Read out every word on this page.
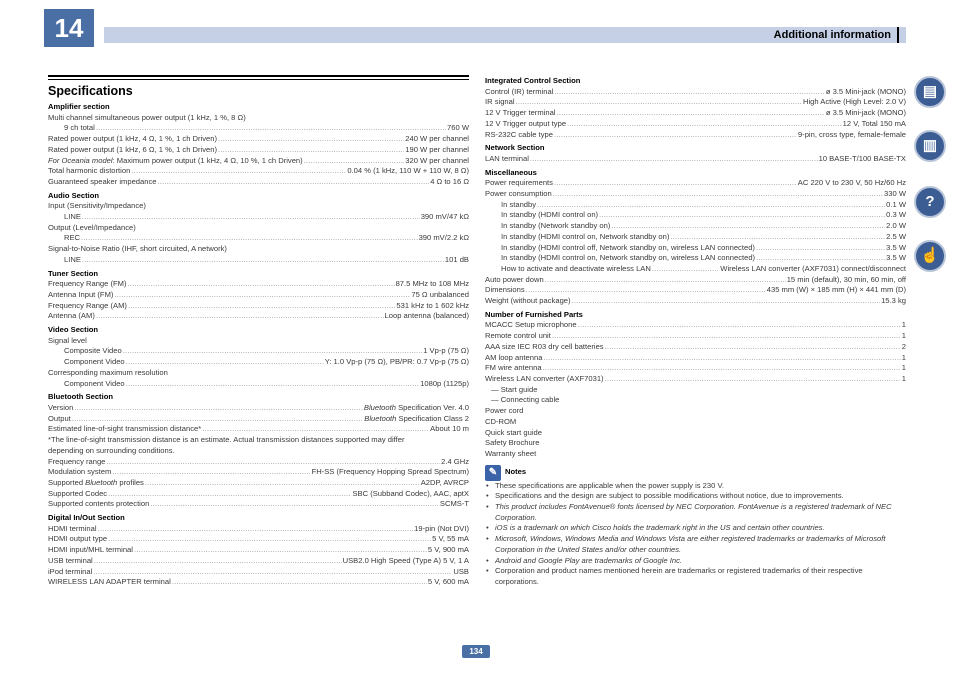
14	Additional information
Specifications
Amplifier section
Multi channel simultaneous power output (1 kHz, 1 %, 8 Ω)
9 ch total .....	760 W
Rated power output (1 kHz, 4 Ω, 1 %, 1 ch Driven) .....	240 W per channel
Rated power output (1 kHz, 6 Ω, 1 %, 1 ch Driven) .....	190 W per channel
For Oceania model: Maximum power output (1 kHz, 4 Ω, 10 %, 1 ch Driven) .....	320 W per channel
Total harmonic distortion .....	0.04 % (1 kHz, 110 W + 110 W, 8 Ω)
Guaranteed speaker impedance .....	4 Ω to 16 Ω
Audio Section
Input (Sensitivity/Impedance)
LINE .....	390 mV/47 kΩ
Output (Level/Impedance)
REC .....	390 mV/2.2 kΩ
Signal-to-Noise Ratio (IHF, short circuited, A network)
LINE .....	101 dB
Tuner Section
Frequency Range (FM) .....	87.5 MHz to 108 MHz
Antenna Input (FM) .....	75 Ω unbalanced
Frequency Range (AM) .....	531 kHz to 1 602 kHz
Antenna (AM) .....	Loop antenna (balanced)
Video Section
Signal level
Composite Video .....	1 Vp-p (75 Ω)
Component Video .....	Y: 1.0 Vp-p (75 Ω), PB/PR: 0.7 Vp-p (75 Ω)
Corresponding maximum resolution
Component Video .....	1080p (1125p)
Bluetooth Section
Version .....	Bluetooth Specification Ver. 4.0
Output .....	Bluetooth Specification Class 2
Estimated line-of-sight transmission distance* .....	About 10 m
*The line-of-sight transmission distance is an estimate. Actual transmission distances supported may differ
depending on surrounding conditions.
Frequency range .....	2.4 GHz
Modulation system .....	FH-SS (Frequency Hopping Spread Spectrum)
Supported Bluetooth profiles .....	A2DP, AVRCP
Supported Codec .....	SBC (Subband Codec), AAC, aptX
Supported contents protection .....	SCMS-T
Digital In/Out Section
HDMI terminal .....	19-pin (Not DVI)
HDMI output type .....	5 V, 55 mA
HDMI input/MHL terminal .....	5 V, 900 mA
USB terminal .....	USB2.0 High Speed (Type A) 5 V, 1 A
iPod terminal .....	USB
WIRELESS LAN ADAPTER terminal .....	5 V, 600 mA
Integrated Control Section
Control (IR) terminal .....	ø 3.5 Mini-jack (MONO)
IR signal .....	High Active (High Level: 2.0 V)
12 V Trigger terminal .....	ø 3.5 Mini-jack (MONO)
12 V Trigger output type .....	12 V, Total 150 mA
RS-232C cable type .....	9-pin, cross type, female-female
Network Section
LAN terminal .....	10 BASE-T/100 BASE-TX
Miscellaneous
Power requirements .....	AC 220 V to 230 V, 50 Hz/60 Hz
Power consumption .....	330 W
In standby .....	0.1 W
In standby (HDMI control on) .....	0.3 W
In standby (Network standby on) .....	2.0 W
In standby (HDMI control on, Network standby on) .....	2.5 W
In standby (HDMI control off, Network standby on, wireless LAN connected) .....	3.5 W
In standby (HDMI control on, Network standby on, wireless LAN connected) .....	3.5 W
How to activate and deactivate wireless LAN .....	Wireless LAN converter (AXF7031) connect/disconnect
Auto power down .....	15 min (default), 30 min, 60 min, off
Dimensions .....	435 mm (W) × 185 mm (H) × 441 mm (D)
Weight (without package) .....	15.3 kg
Number of Furnished Parts
MCACC Setup microphone .....	1
Remote control unit .....	1
AAA size IEC R03 dry cell batteries .....	2
AM loop antenna .....	1
FM wire antenna .....	1
Wireless LAN converter (AXF7031) .....	1
— Start guide
— Connecting cable
Power cord
CD-ROM
Quick start guide
Safety Brochure
Warranty sheet
✎	Notes
• These specifications are applicable when the power supply is 230 V.
• Specifications and the design are subject to possible modifications without notice, due to improvements.
• This product includes FontAvenue® fonts licensed by NEC Corporation. FontAvenue is a registered trademark of NEC Corporation.
• iOS is a trademark on which Cisco holds the trademark right in the US and certain other countries.
• Microsoft, Windows, Windows Media and Windows Vista are either registered trademarks or trademarks of Microsoft Corporation in the United States and/or other countries.
• Android and Google Play are trademarks of Google Inc.
• Corporation and product names mentioned herein are trademarks or registered trademarks of their respective corporations.
▤
▥
?
☝
134
